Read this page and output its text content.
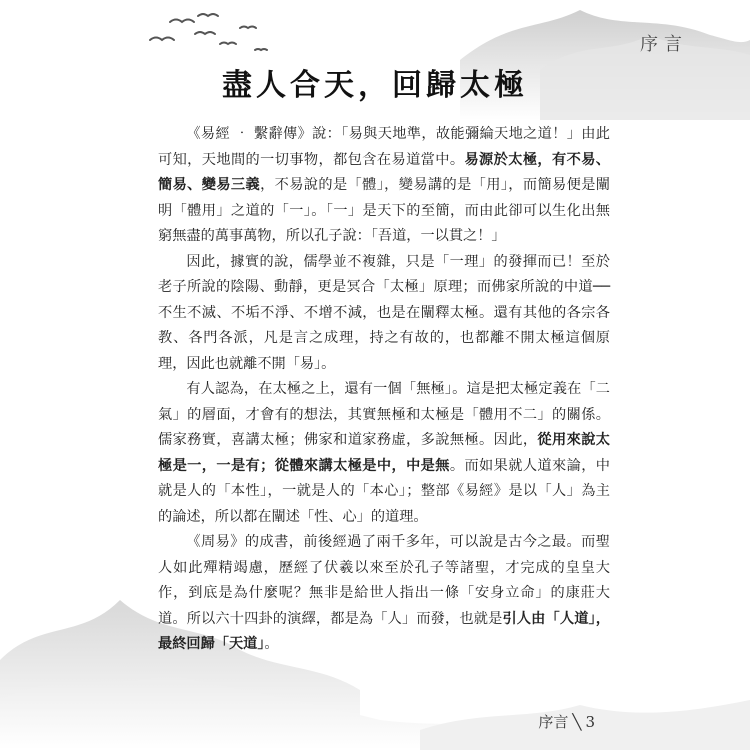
序言
盡人合天，回歸太極

《易經 ‧ 繫辭傳》說：「易與天地準，故能彌綸天地之道！」由此可知，天地間的一切事物，都包含在易道當中。易源於太極，有不易、簡易、變易三義，不易說的是「體」，變易講的是「用」，而簡易便是闡明「體用」之道的「一」。「一」是天下的至簡，而由此卻可以生化出無窮無盡的萬事萬物，所以孔子說：「吾道，一以貫之！」

因此，據實的說，儒學並不複雜，只是「一理」的發揮而已！至於老子所說的陰陽、動靜，更是冥合「太極」原理；而佛家所說的中道──不生不滅、不垢不淨、不增不減，也是在闡釋太極。還有其他的各宗各教、各門各派，凡是言之成理，持之有故的，也都離不開太極這個原理，因此也就離不開「易」。

有人認為，在太極之上，還有一個「無極」。這是把太極定義在「二氣」的層面，才會有的想法，其實無極和太極是「體用不二」的關係。儒家務實，喜講太極；佛家和道家務虛，多說無極。因此，從用來說太極是一，一是有；從體來講太極是中，中是無。而如果就人道來論，中就是人的「本性」，一就是人的「本心」；整部《易經》是以「人」為主的論述，所以都在闡述「性、心」的道理。

《周易》的成書，前後經過了兩千多年，可以說是古今之最。而聖人如此殫精竭慮，歷經了伏羲以來至於孔子等諸聖，才完成的皇皇大作，到底是為什麼呢？無非是給世人指出一條「安身立命」的康莊大道。所以六十四卦的演繹，都是為「人」而發，也就是引人由「人道」，最終回歸「天道」。

序言 ╲ 3
